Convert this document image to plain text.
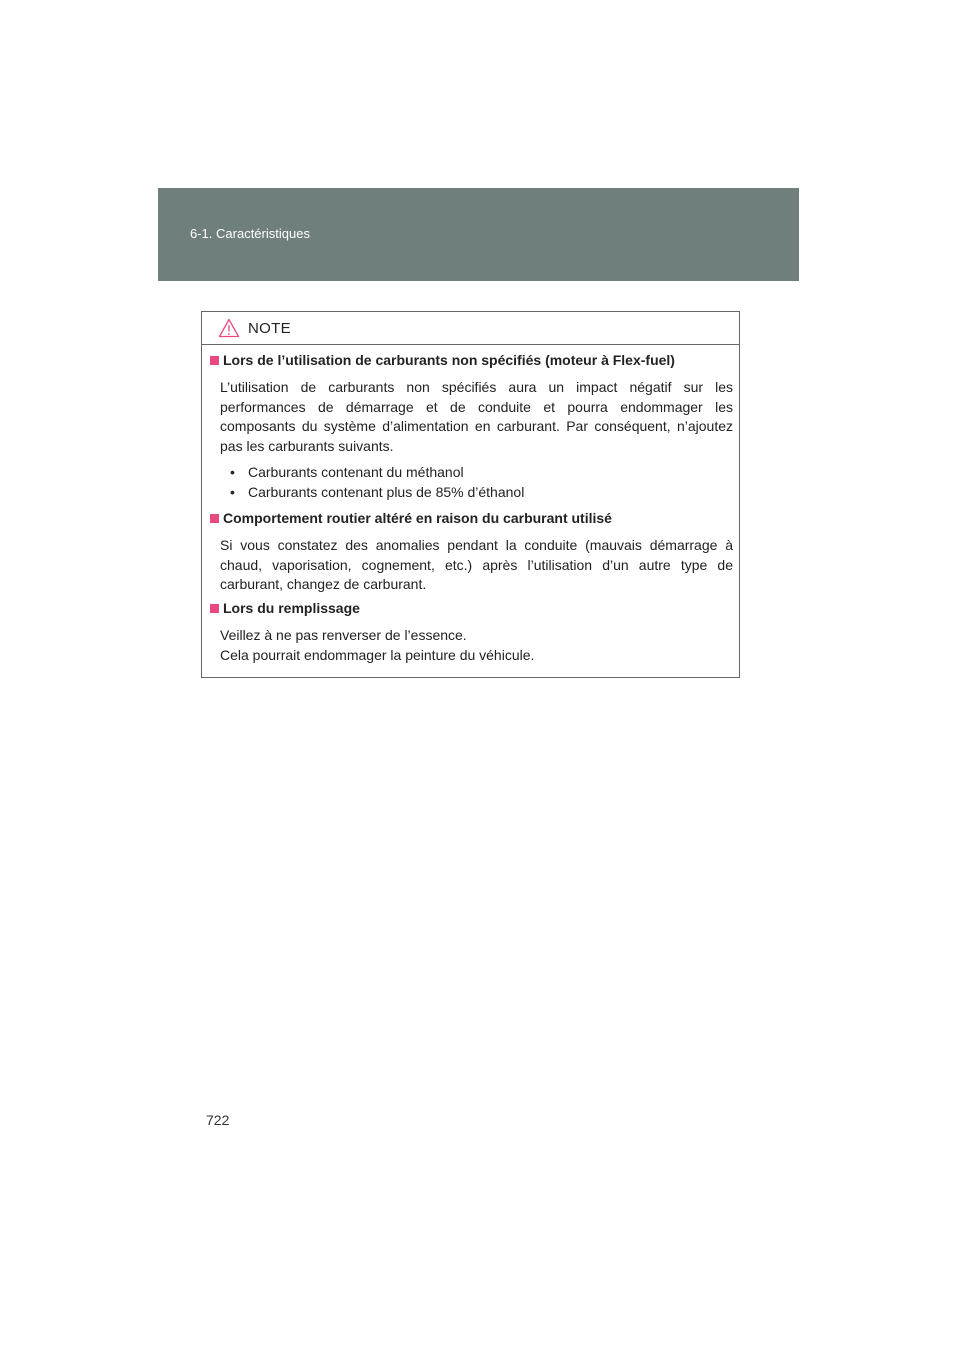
6-1. Caractéristiques
NOTE
Lors de l’utilisation de carburants non spécifiés (moteur à Flex-fuel)
L’utilisation de carburants non spécifiés aura un impact négatif sur les performances de démarrage et de conduite et pourra endommager les composants du système d’alimentation en carburant. Par conséquent, n’ajoutez pas les carburants suivants.
• Carburants contenant du méthanol
• Carburants contenant plus de 85% d’éthanol
Comportement routier altéré en raison du carburant utilisé
Si vous constatez des anomalies pendant la conduite (mauvais démarrage à chaud, vaporisation, cognement, etc.) après l’utilisation d’un autre type de carburant, changez de carburant.
Lors du remplissage
Veillez à ne pas renverser de l’essence.
Cela pourrait endommager la peinture du véhicule.
722
